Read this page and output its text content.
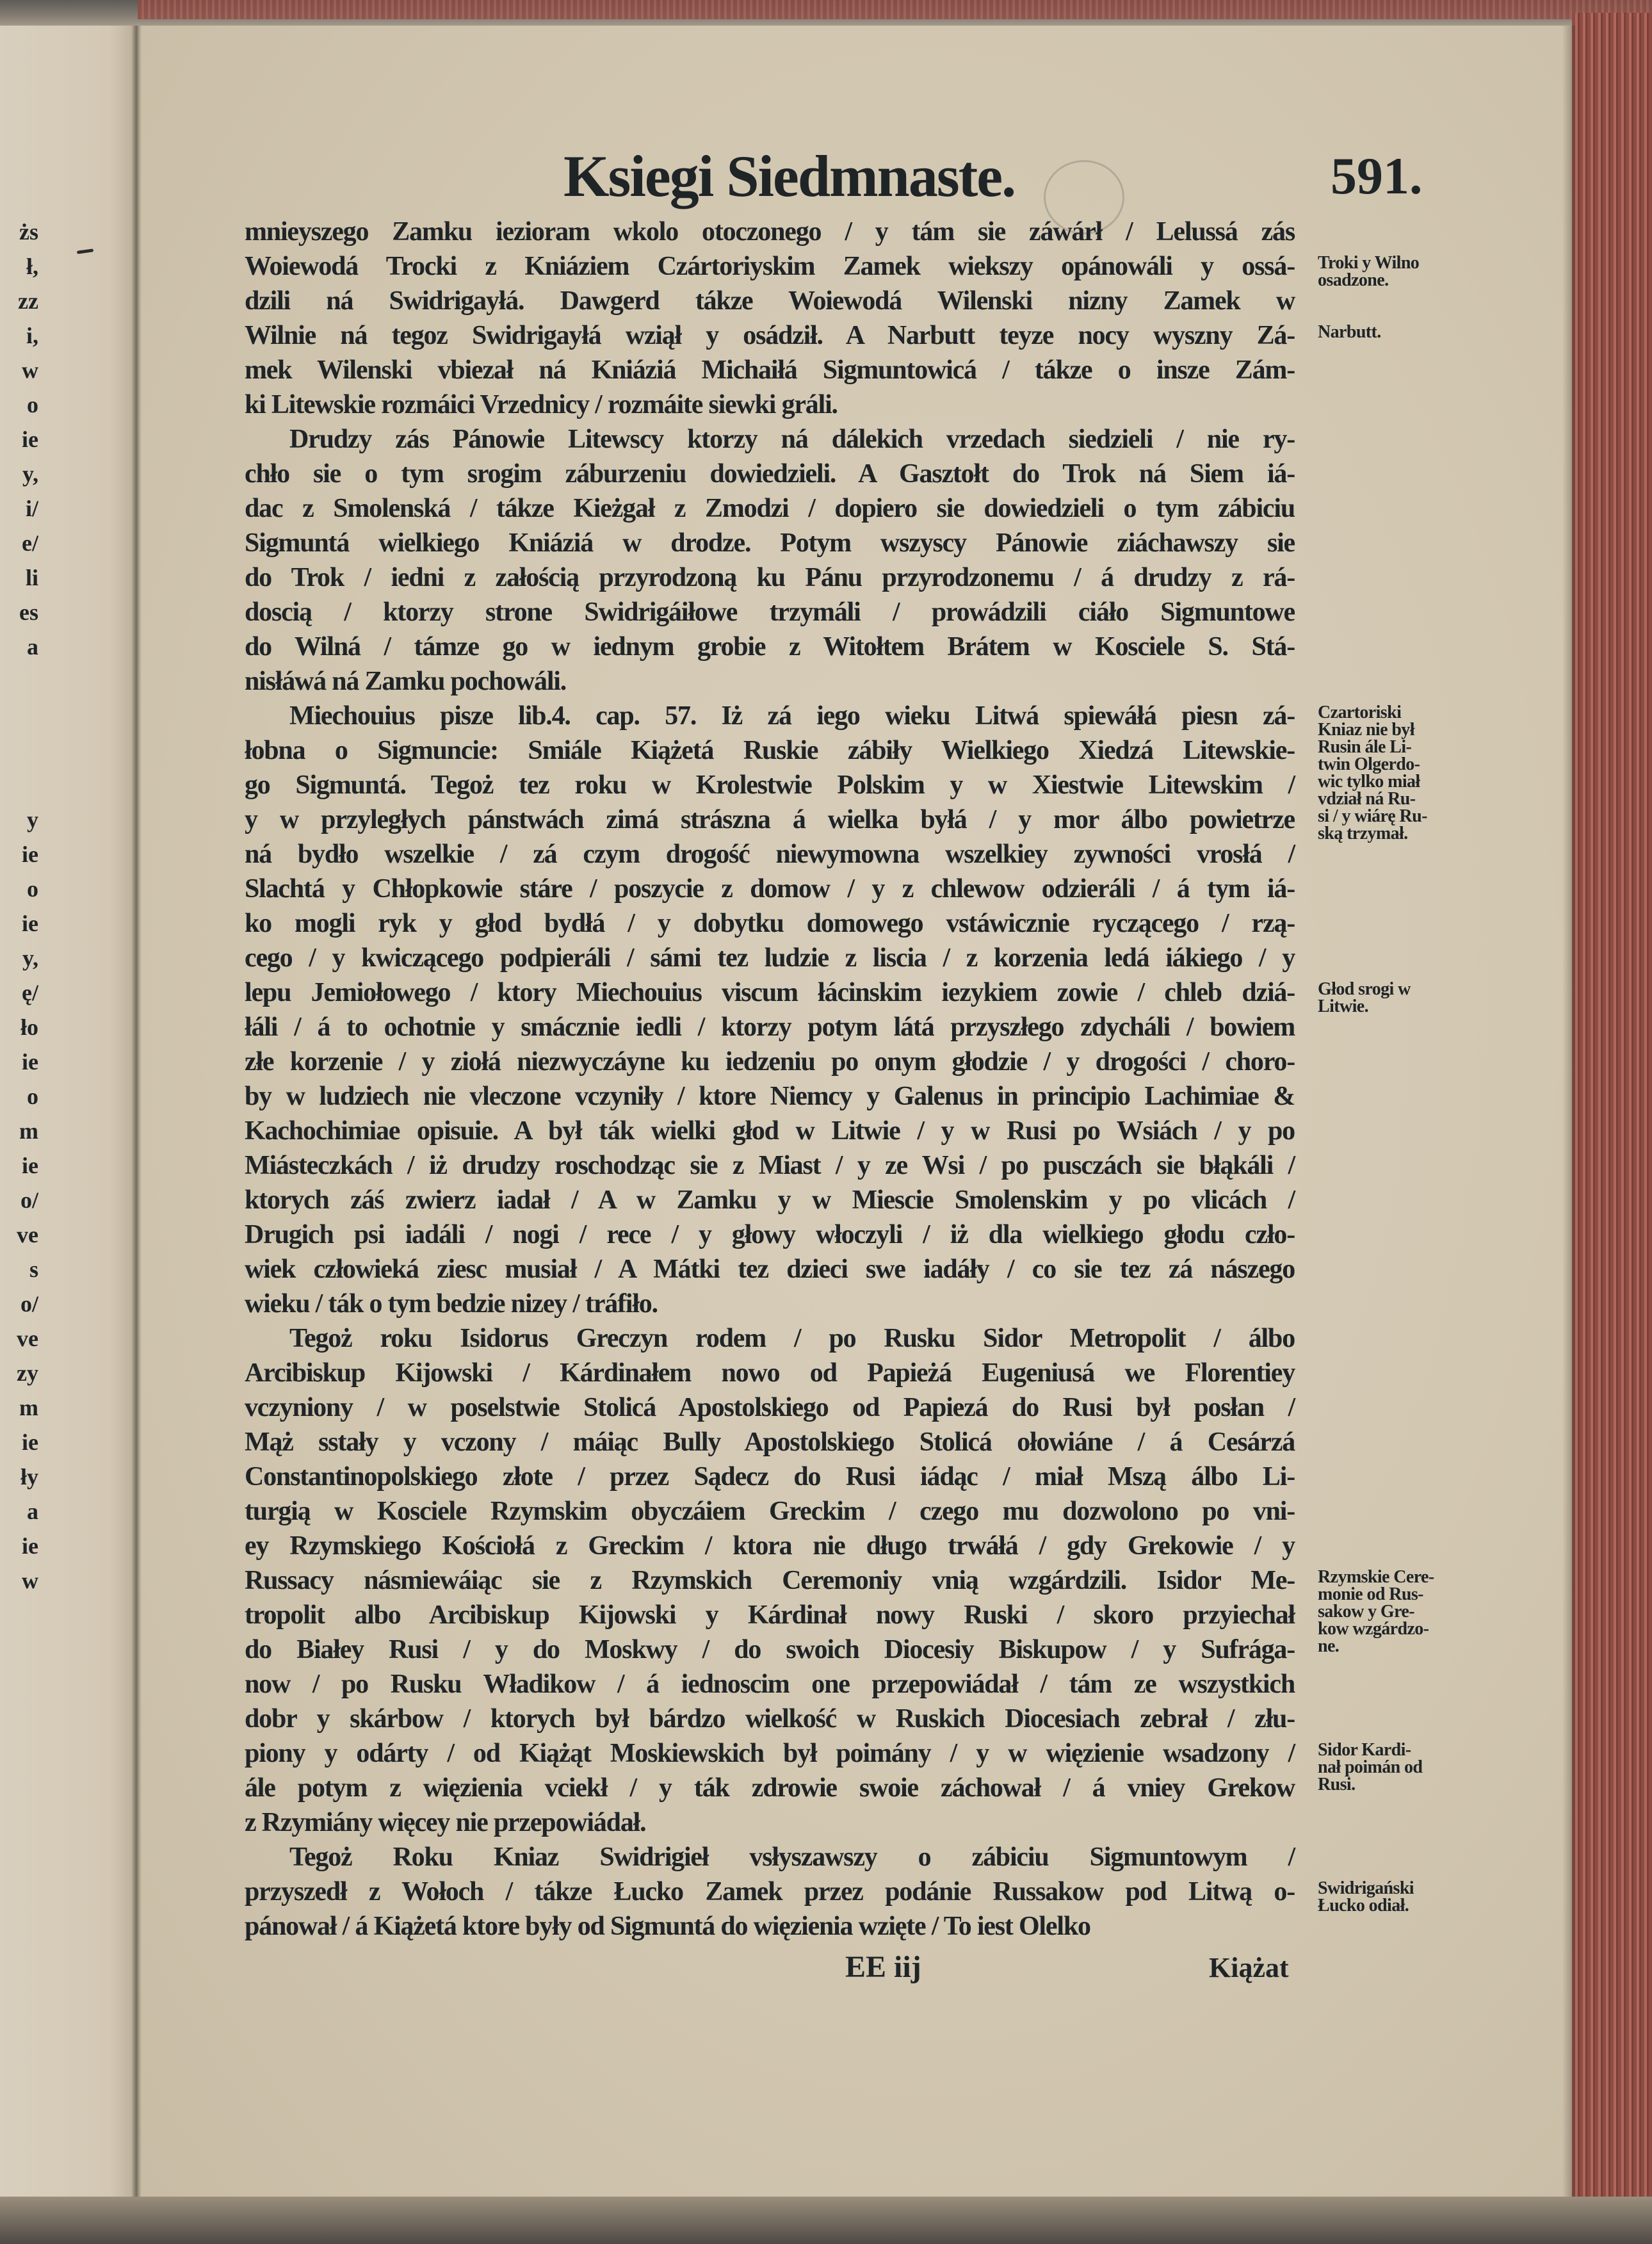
żs
ł,
zz
i,
w
o
ie
y,
i/
e/
li
es
a
y
ie
o
ie
y,
ę/
ło
ie
o
m
ie
o/
ve
s
o/
ve
zy
m
ie
ły
a
ie
w
Ksiegi Siedmnaste.	591.
mnieyszego Zamku iezioram wkolo otoczonego / y tám sie záwárł / Lelussá zás
Woiewodá Trocki z Kniáziem Czártoriyskim Zamek wiekszy opánowáli y ossá-
dzili ná Swidrigayłá. Dawgerd tákze Woiewodá Wilenski nizny Zamek w
Wilnie ná tegoz Swidrigayłá wziął y osádził. A Narbutt teyze nocy wyszny Zá-
mek Wilenski vbiezał ná Kniáziá Michaiłá Sigmuntowicá / tákze o insze Zám-
ki Litewskie rozmáici Vrzednicy / rozmáite siewki gráli.
Drudzy zás Pánowie Litewscy ktorzy ná dálekich vrzedach siedzieli / nie ry-
chło sie o tym srogim záburzeniu dowiedzieli. A Gasztołt do Trok ná Siem iá-
dac z Smolenská / tákze Kieżgał z Zmodzi / dopiero sie dowiedzieli o tym zábiciu
Sigmuntá wielkiego Kniáziá w drodze. Potym wszyscy Pánowie ziáchawszy sie
do Trok / iedni z załością przyrodzoną ku Pánu przyrodzonemu / á drudzy z rá-
doscią / ktorzy strone Swidrigáiłowe trzymáli / prowádzili ciáło Sigmuntowe
do Wilná / támze go w iednym grobie z Witołtem Brátem w Kosciele S. Stá-
nisłáwá ná Zamku pochowáli.
Miechouius pisze lib.4. cap. 57. Iż zá iego wieku Litwá spiewáłá piesn zá-
łobna o Sigmuncie: Smiále Kiążetá Ruskie zábiły Wielkiego Xiedzá Litewskie-
go Sigmuntá. Tegoż tez roku w Krolestwie Polskim y w Xiestwie Litewskim /
y w przyległych pánstwách zimá strászna á wielka byłá / y mor álbo powietrze
ná bydło wszelkie / zá czym drogość niewymowna wszelkiey zywności vrosłá /
Slachtá y Chłopkowie stáre / poszycie z domow / y z chlewow odzieráli / á tym iá-
ko mogli ryk y głod bydłá / y dobytku domowego vstáwicznie ryczącego / rzą-
cego / y kwiczącego podpieráli / sámi tez ludzie z liscia / z korzenia ledá iákiego / y
lepu Jemiołowego / ktory Miechouius viscum łácinskim iezykiem zowie / chleb dziá-
łáli / á to ochotnie y smácznie iedli / ktorzy potym látá przyszłego zdycháli / bowiem
złe korzenie / y ziołá niezwyczáyne ku iedzeniu po onym głodzie / y drogości / choro-
by w ludziech nie vleczone vczyniły / ktore Niemcy y Galenus in principio Lachimiae &
Kachochimiae opisuie. A był ták wielki głod w Litwie / y w Rusi po Wsiách / y po
Miásteczkách / iż drudzy roschodząc sie z Miast / y ze Wsi / po pusczách sie błąkáli /
ktorych záś zwierz iadał / A w Zamku y w Miescie Smolenskim y po vlicách /
Drugich psi iadáli / nogi / rece / y głowy włoczyli / iż dla wielkiego głodu czło-
wiek człowieká ziesc musiał / A Mátki tez dzieci swe iadáły / co sie tez zá nászego
wieku / ták o tym bedzie nizey / tráfiło.
Tegoż roku Isidorus Greczyn rodem / po Rusku Sidor Metropolit / álbo
Arcibiskup Kijowski / Kárdinałem nowo od Papieżá Eugeniusá we Florentiey
vczyniony / w poselstwie Stolicá Apostolskiego od Papiezá do Rusi był posłan /
Mąż sstały y vczony / máiąc Bully Apostolskiego Stolicá ołowiáne / á Cesárzá
Constantinopolskiego złote / przez Sądecz do Rusi iádąc / miał Mszą álbo Li-
turgią w Kosciele Rzymskim obyczáiem Greckim / czego mu dozwolono po vni-
ey Rzymskiego Kościołá z Greckim / ktora nie długo trwáłá / gdy Grekowie / y
Russacy násmiewáiąc sie z Rzymskich Ceremoniy vnią wzgárdzili. Isidor Me-
tropolit albo Arcibiskup Kijowski y Kárdinał nowy Ruski / skoro przyiechał
do Białey Rusi / y do Moskwy / do swoich Diocesiy Biskupow / y Sufrága-
now / po Rusku Władikow / á iednoscim one przepowiádał / tám ze wszystkich
dobr y skárbow / ktorych był bárdzo wielkość w Ruskich Diocesiach zebrał / złu-
piony y odárty / od Kiążąt Moskiewskich był poimány / y w więzienie wsadzony /
ále potym z więzienia vciekł / y ták zdrowie swoie záchował / á vniey Grekow
z Rzymiány więcey nie przepowiádał.
Tegoż Roku Kniaz Swidrigieł vsłyszawszy o zábiciu Sigmuntowym /
przyszedł z Wołoch / tákze Łucko Zamek przez podánie Russakow pod Litwą o-
pánował / á Kiążetá ktore były od Sigmuntá do więzienia wzięte / To iest Olelko
Troki y Wilno
osadzone.
Narbutt.
Czartoriski
Kniaz nie był
Rusin ále Li-
twin Olgerdo-
wic tylko miał
vdział ná Ru-
si / y wiárę Ru-
ską trzymał.
Głod srogi w
Litwie.
Rzymskie Cere-
monie od Rus-
sakow y Gre-
kow wzgárdzo-
ne.
Sidor Kardi-
nał poimán od
Rusi.
Swidrigański
Łucko odiał.
EE iij	Kiążat
